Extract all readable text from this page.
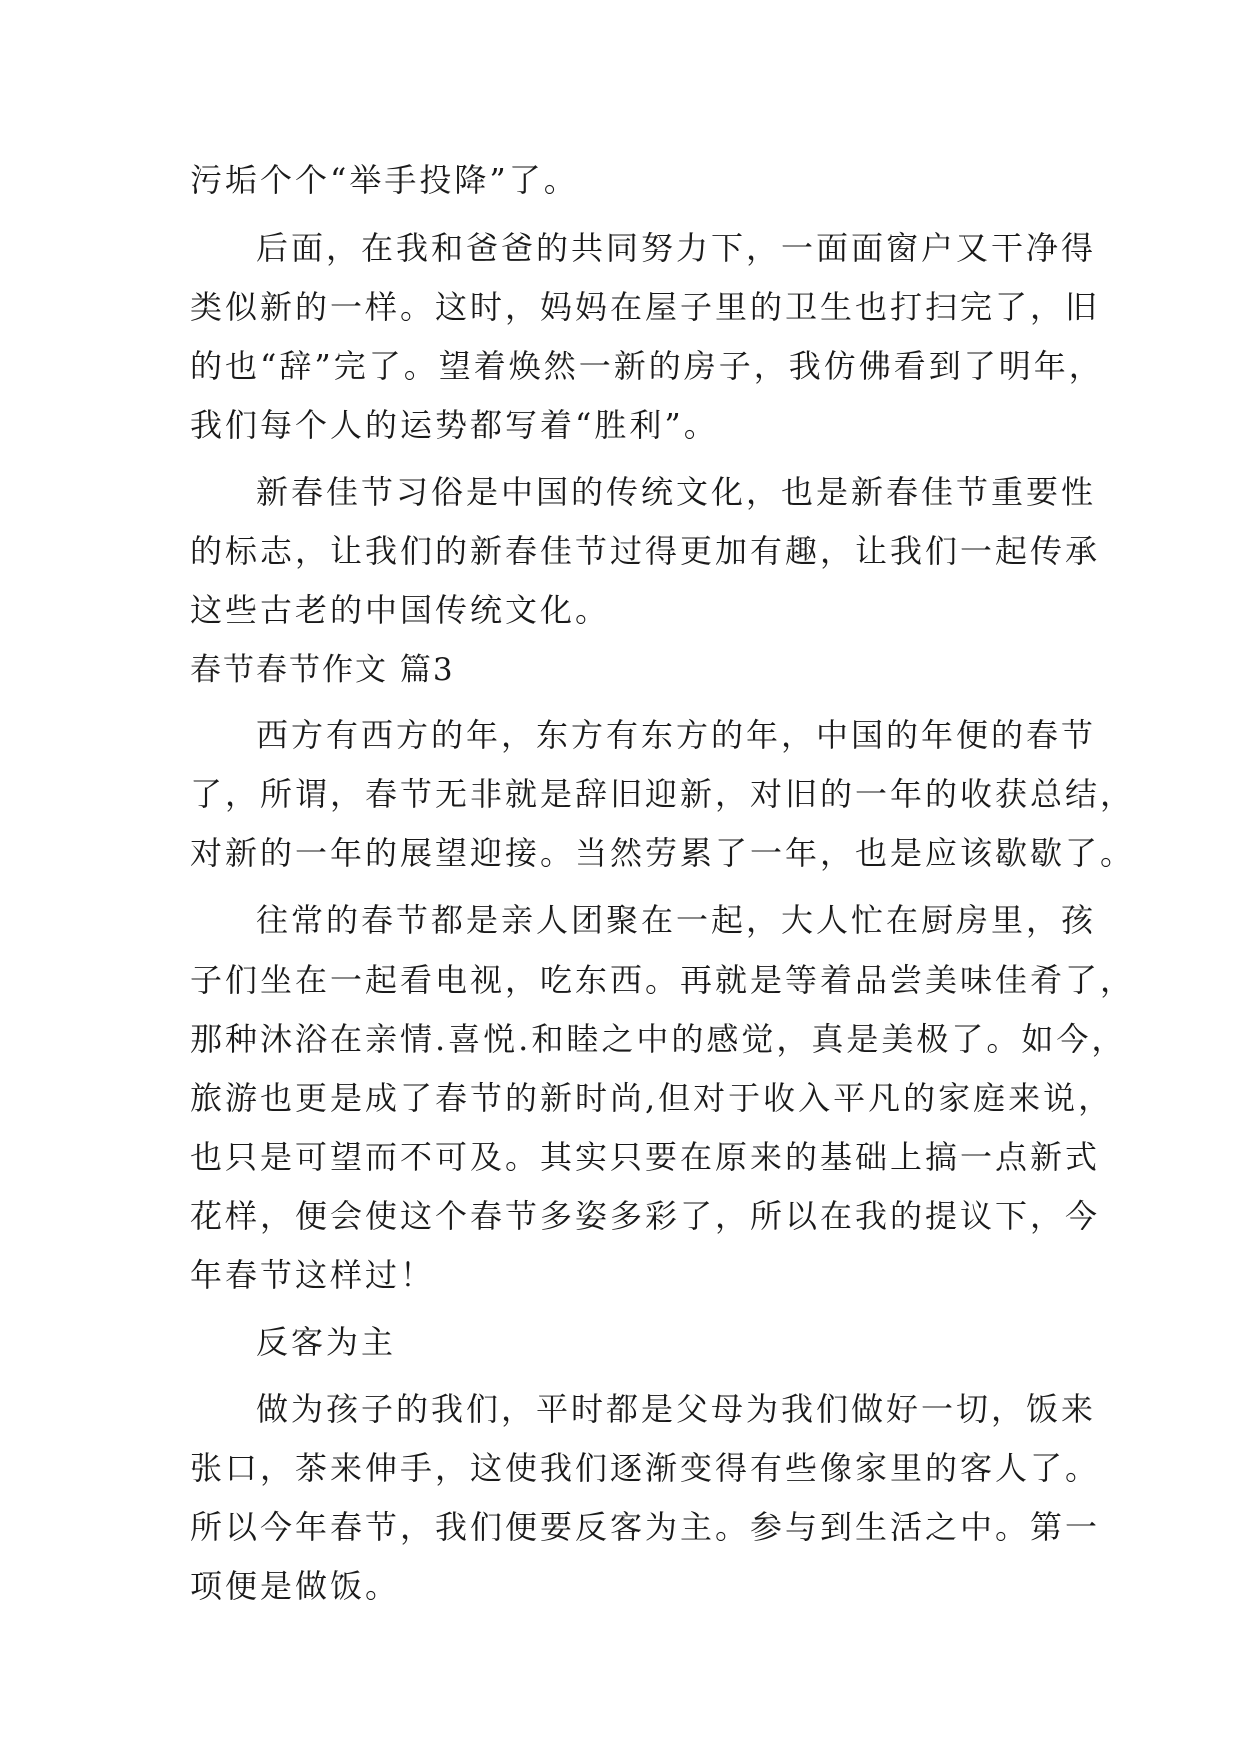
污垢个个“举手投降”了。
后面，在我和爸爸的共同努力下，一面面窗户又干净得
类似新的一样。这时，妈妈在屋子里的卫生也打扫完了，旧
的也“辞”完了。望着焕然一新的房子，我仿佛看到了明年，
我们每个人的运势都写着“胜利”。
新春佳节习俗是中国的传统文化，也是新春佳节重要性
的标志，让我们的新春佳节过得更加有趣，让我们一起传承
这些古老的中国传统文化。
春节春节作文 篇3
西方有西方的年，东方有东方的年，中国的年便的春节
了，所谓，春节无非就是辞旧迎新，对旧的一年的收获总结，
对新的一年的展望迎接。当然劳累了一年，也是应该歇歇了。
往常的春节都是亲人团聚在一起，大人忙在厨房里，孩
子们坐在一起看电视，吃东西。再就是等着品尝美味佳肴了，
那种沐浴在亲情.喜悦.和睦之中的感觉，真是美极了。如今，
旅游也更是成了春节的新时尚,但对于收入平凡的家庭来说，
也只是可望而不可及。其实只要在原来的基础上搞一点新式
花样，便会使这个春节多姿多彩了，所以在我的提议下，今
年春节这样过！
反客为主
做为孩子的我们，平时都是父母为我们做好一切，饭来
张口，茶来伸手，这使我们逐渐变得有些像家里的客人了。
所以今年春节，我们便要反客为主。参与到生活之中。第一
项便是做饭。
